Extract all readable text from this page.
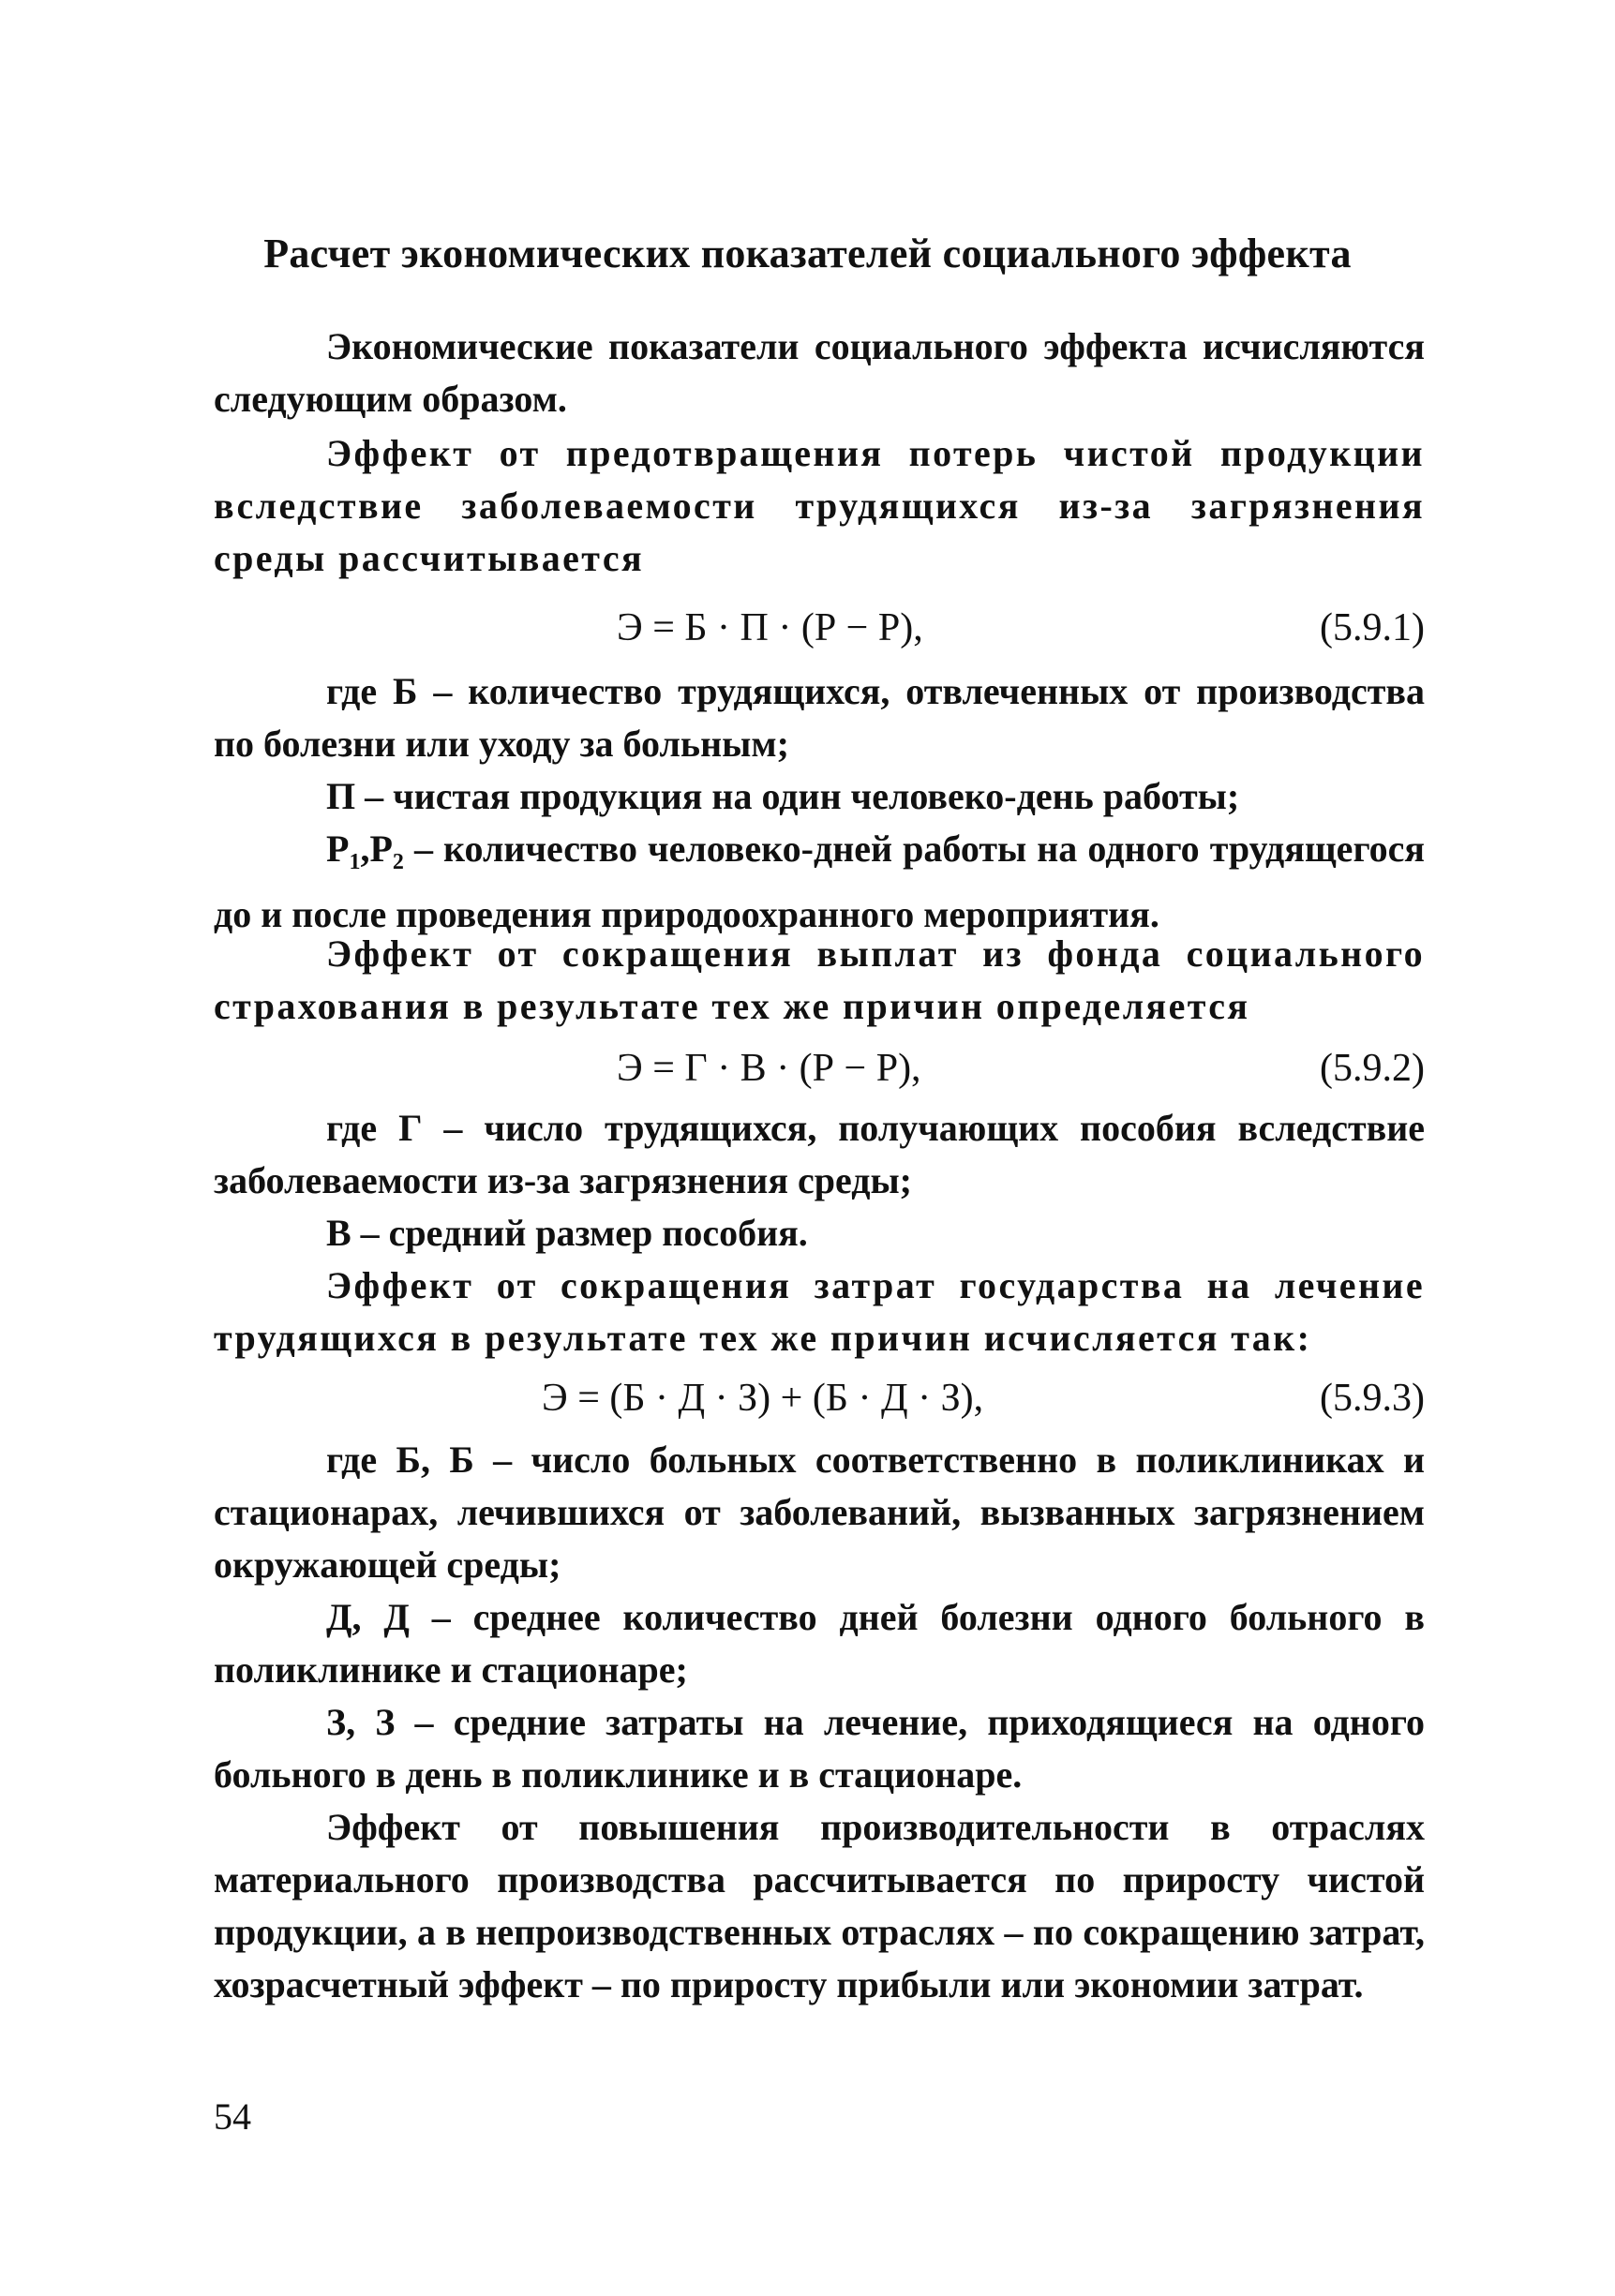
Расчет экономических показателей социального эффекта

Экономические показатели социального эффекта исчисляются следующим образом.

Эффект от предотвращения потерь чистой продукции вследствие заболеваемости трудящихся из-за загрязнения среды рассчитывается

Э = Б · П · (Р − Р),	(5.9.1)

где Б – количество трудящихся, отвлеченных от производства по болезни или уходу за больным;

П – чистая продукция на один человеко-день работы;

$Р_1,Р_2$ – количество человеко-дней работы на одного трудящегося до и после проведения природоохранного мероприятия.

Эффект от сокращения выплат из фонда социального страхования в результате тех же причин определяется

Э = Г · В · (Р − Р),	(5.9.2)

где Г – число трудящихся, получающих пособия вследствие заболеваемости из-за загрязнения среды;

В – средний размер пособия.

Эффект от сокращения затрат государства на лечение трудящихся в результате тех же причин исчисляется так:

Э = (Б · Д · З) + (Б · Д · З),	(5.9.3)

где Б, Б – число больных соответственно в поликлиниках и стационарах, лечившихся от заболеваний, вызванных загрязнением окружающей среды;

Д, Д – среднее количество дней болезни одного больного в поликлинике и стационаре;

З, З – средние затраты на лечение, приходящиеся на одного больного в день в поликлинике и в стационаре.

Эффект от повышения производительности в отраслях материального производства рассчитывается по приросту чистой продукции, а в непроизводственных отраслях – по сокращению затрат, хозрасчетный эффект – по приросту прибыли или экономии затрат.

54
